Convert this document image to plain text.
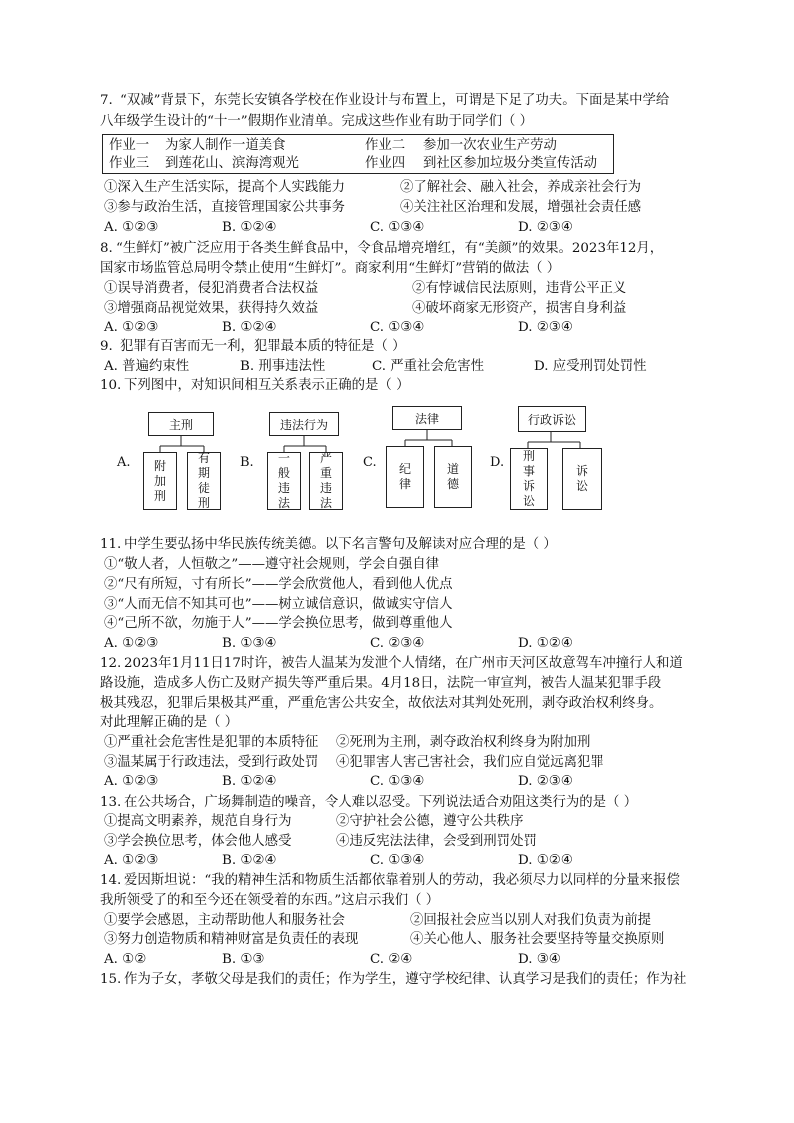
7. “双减”背景下，东莞长安镇各学校在作业设计与布置上，可谓是下足了功夫。下面是某中学给
八年级学生设计的“十一”假期作业清单。完成这些作业有助于同学们（ ）
作业一 为家人制作一道美食	作业二 参加一次农业生产劳动
作业三 到莲花山、滨海湾观光	作业四 到社区参加垃圾分类宣传活动
①深入生产生活实际，提高个人实践能力	②了解社会、融入社会，养成亲社会行为
③参与政治生活，直接管理国家公共事务	④关注社区治理和发展，增强社会责任感
A. ①②③	B. ①②④	C. ①③④	D. ②③④
8. “生鲜灯”被广泛应用于各类生鲜食品中，令食品增亮增红，有“美颜”的效果。2023年12月，
国家市场监管总局明令禁止使用“生鲜灯”。商家利用“生鲜灯”营销的做法（ ）
①误导消费者，侵犯消费者合法权益	②有悖诚信民法原则，违背公平正义
③增强商品视觉效果，获得持久效益	④破坏商家无形资产，损害自身利益
A. ①②③	B. ①②④	C. ①③④	D. ②③④
9. 犯罪有百害而无一利，犯罪最本质的特征是（ ）
A. 普遍约束性	B. 刑事违法性	C. 严重社会危害性	D. 应受刑罚处罚性
10. 下列图中，对知识间相互关系表示正确的是（ ）
A.
主刑
附加刑
有期徒刑
B.
违法行为
一般违法
严重违法
C.
法律
纪律
道德
D.
行政诉讼
刑事诉讼
诉讼
11. 中学生要弘扬中华民族传统美德。以下名言警句及解读对应合理的是（ ）
①“敬人者，人恒敬之”——遵守社会规则，学会自强自律
②“尺有所短，寸有所长”——学会欣赏他人，看到他人优点
③“人而无信不知其可也”——树立诚信意识，做诚实守信人
④“己所不欲，勿施于人”——学会换位思考，做到尊重他人
A. ①②③	B. ①③④	C. ②③④	D. ①②④
12. 2023年1月11日17时许，被告人温某为发泄个人情绪，在广州市天河区故意驾车冲撞行人和道
路设施，造成多人伤亡及财产损失等严重后果。4月18日，法院一审宣判，被告人温某犯罪手段
极其残忍，犯罪后果极其严重，严重危害公共安全，故依法对其判处死刑，剥夺政治权利终身。
对此理解正确的是（ ）
①严重社会危害性是犯罪的本质特征 ②死刑为主刑，剥夺政治权利终身为附加刑
③温某属于行政违法，受到行政处罚 ④犯罪害人害己害社会，我们应自觉远离犯罪
A. ①②③	B. ①②④	C. ①③④	D. ②③④
13. 在公共场合，广场舞制造的噪音，令人难以忍受。下列说法适合劝阻这类行为的是（ ）
①提高文明素养，规范自身行为	②守护社会公德，遵守公共秩序
③学会换位思考，体会他人感受	④违反宪法法律，会受到刑罚处罚
A. ①②③	B. ①②④	C. ①③④	D. ①②④
14. 爱因斯坦说：“我的精神生活和物质生活都依靠着别人的劳动，我必须尽力以同样的分量来报偿
我所领受了的和至今还在领受着的东西。”这启示我们（ ）
①要学会感恩，主动帮助他人和服务社会	②回报社会应当以别人对我们负责为前提
③努力创造物质和精神财富是负责任的表现	④关心他人、服务社会要坚持等量交换原则
A. ①②	B. ①③	C. ②④	D. ③④
15. 作为子女，孝敬父母是我们的责任；作为学生，遵守学校纪律、认真学习是我们的责任；作为社
